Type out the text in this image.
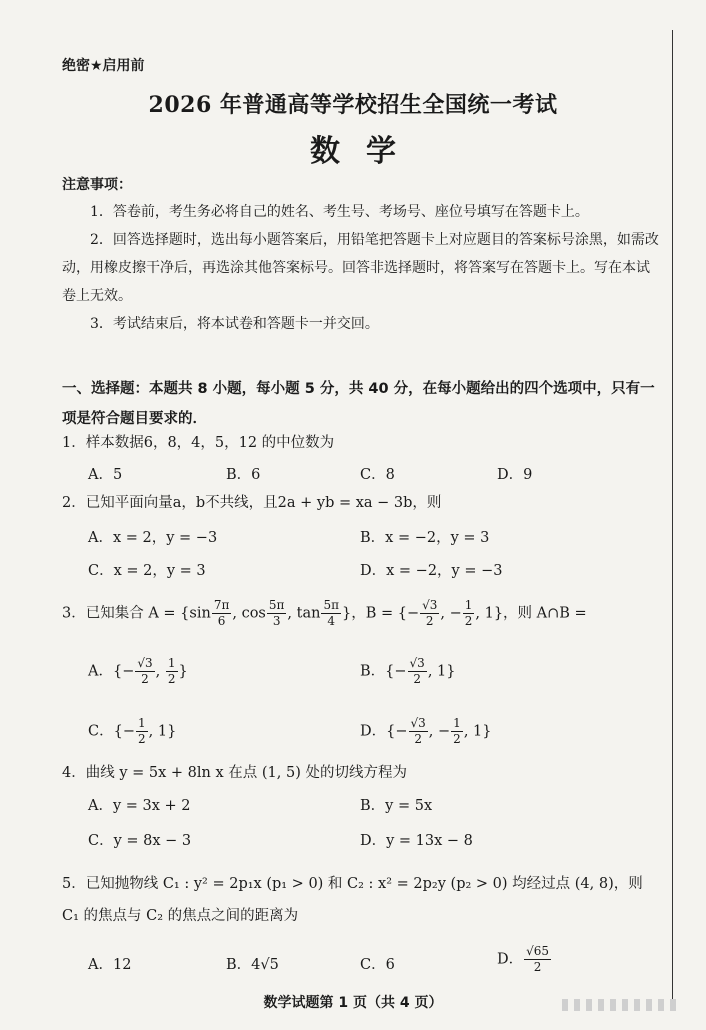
绝密★启用前
2026 年普通高等学校招生全国统一考试
数学
注意事项：
1．答卷前，考生务必将自己的姓名、考生号、考场号、座位号填写在答题卡上。
2．回答选择题时，选出每小题答案后，用铅笔把答题卡上对应题目的答案标号涂黑，如需改动，用橡皮擦干净后，再选涂其他答案标号。回答非选择题时，将答案写在答题卡上。写在本试卷上无效。
3．考试结束后，将本试卷和答题卡一并交回。
一、选择题：本题共 8 小题，每小题 5 分，共 40 分，在每小题给出的四个选项中，只有一项是符合题目要求的．
1．样本数据6，8，4，5，12 的中位数为
A．5	B．6	C．8	D．9
2．已知平面向量a，b不共线，且2a + yb = xa − 3b，则
A．x = 2，y = −3	B．x = −2，y = 3
C．x = 2，y = 3	D．x = −2，y = −3
3．已知集合 $A = \{\sin \frac{7\pi}{6}$ , $\cos \frac{5\pi}{3}$ , $\tan \frac{5\pi}{4}$ }，B = {− $\frac{√3}{2}$ , − $\frac{1}{2}$ , 1}，则 A∩B =
A．{− $\frac{√3}{2}$ , $\frac{1}{2}$ }	B．{− $\frac{√3}{2}$ , 1}
C．{− $\frac{1}{2}$ , 1}	D．{− $\frac{√3}{2}$ , − $\frac{1}{2}$ , 1}
4．曲线 y = 5x + 8ln x 在点 (1, 5) 处的切线方程为
A．y = 3x + 2	B．y = 5x
C．y = 8x − 3	D．y = 13x − 8
5．已知抛物线 C₁ : y² = 2p₁x (p₁ > 0) 和 C₂ : x² = 2p₂y (p₂ > 0) 均经过点 (4, 8)，则 C₁ 的焦点与 C₂ 的焦点之间的距离为
A．12	B．4√5	C．6	D． $\frac{√65}{2}$
数学试题第 1 页（共 4 页）
